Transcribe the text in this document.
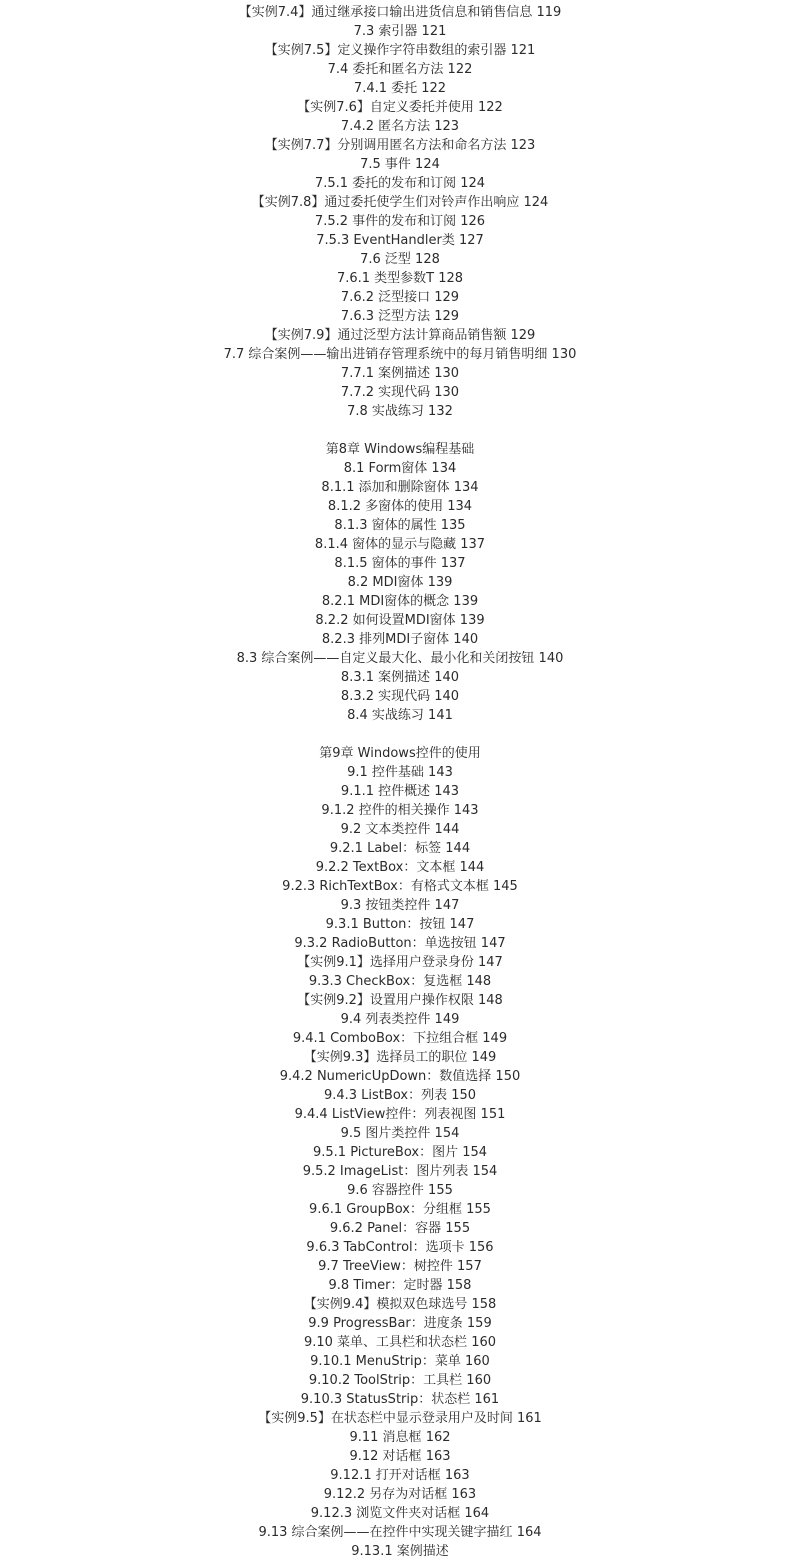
【实例7.4】通过继承接口输出进货信息和销售信息 119
7.3 索引器 121
【实例7.5】定义操作字符串数组的索引器 121
7.4 委托和匿名方法 122
7.4.1 委托 122
【实例7.6】自定义委托并使用 122
7.4.2 匿名方法 123
【实例7.7】分别调用匿名方法和命名方法 123
7.5 事件 124
7.5.1 委托的发布和订阅 124
【实例7.8】通过委托使学生们对铃声作出响应 124
7.5.2 事件的发布和订阅 126
7.5.3 EventHandler类 127
7.6 泛型 128
7.6.1 类型参数T 128
7.6.2 泛型接口 129
7.6.3 泛型方法 129
【实例7.9】通过泛型方法计算商品销售额 129
7.7 综合案例——输出进销存管理系统中的每月销售明细 130
7.7.1 案例描述 130
7.7.2 实现代码 130
7.8 实战练习 132
第8章 Windows编程基础
8.1 Form窗体 134
8.1.1 添加和删除窗体 134
8.1.2 多窗体的使用 134
8.1.3 窗体的属性 135
8.1.4 窗体的显示与隐藏 137
8.1.5 窗体的事件 137
8.2 MDI窗体 139
8.2.1 MDI窗体的概念 139
8.2.2 如何设置MDI窗体 139
8.2.3 排列MDI子窗体 140
8.3 综合案例——自定义最大化、最小化和关闭按钮 140
8.3.1 案例描述 140
8.3.2 实现代码 140
8.4 实战练习 141
第9章 Windows控件的使用
9.1 控件基础 143
9.1.1 控件概述 143
9.1.2 控件的相关操作 143
9.2 文本类控件 144
9.2.1 Label：标签 144
9.2.2 TextBox：文本框 144
9.2.3 RichTextBox：有格式文本框 145
9.3 按钮类控件 147
9.3.1 Button：按钮 147
9.3.2 RadioButton：单选按钮 147
【实例9.1】选择用户登录身份 147
9.3.3 CheckBox：复选框 148
【实例9.2】设置用户操作权限 148
9.4 列表类控件 149
9.4.1 ComboBox：下拉组合框 149
【实例9.3】选择员工的职位 149
9.4.2 NumericUpDown：数值选择 150
9.4.3 ListBox：列表 150
9.4.4 ListView控件：列表视图 151
9.5 图片类控件 154
9.5.1 PictureBox：图片 154
9.5.2 ImageList：图片列表 154
9.6 容器控件 155
9.6.1 GroupBox：分组框 155
9.6.2 Panel：容器 155
9.6.3 TabControl：选项卡 156
9.7 TreeView：树控件 157
9.8 Timer：定时器 158
【实例9.4】模拟双色球选号 158
9.9 ProgressBar：进度条 159
9.10 菜单、工具栏和状态栏 160
9.10.1 MenuStrip：菜单 160
9.10.2 ToolStrip：工具栏 160
9.10.3 StatusStrip：状态栏 161
【实例9.5】在状态栏中显示登录用户及时间 161
9.11 消息框 162
9.12 对话框 163
9.12.1 打开对话框 163
9.12.2 另存为对话框 163
9.12.3 浏览文件夹对话框 164
9.13 综合案例——在控件中实现关键字描红 164
9.13.1 案例描述
